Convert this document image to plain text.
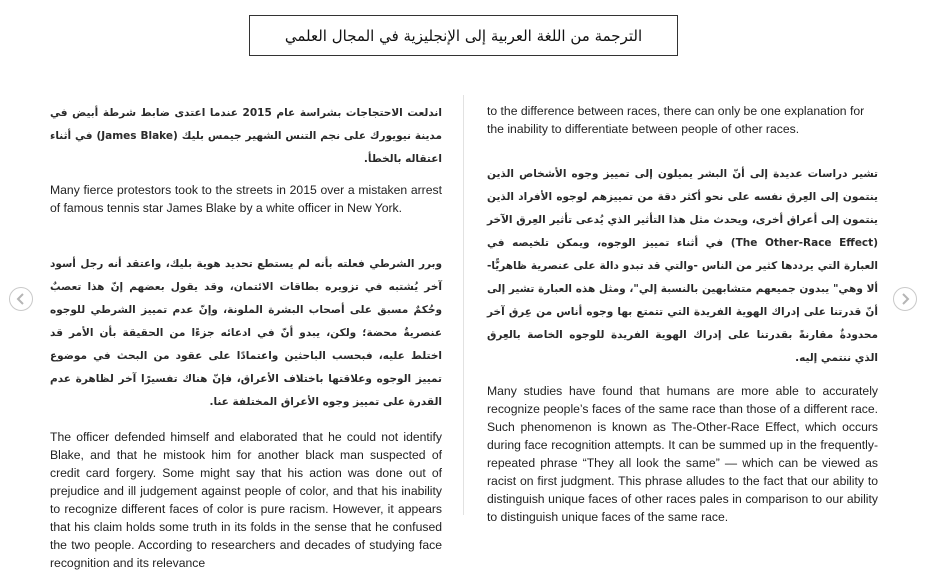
الترجمة من اللغة العربية إلى الإنجليزية في المجال العلمي

اندلعت الاحتجاجات بشراسة عام 2015 عندما اعتدى ضابط شرطة أبيض في مدينة نيويورك على نجم التنس الشهير جيمس بليك (James Blake) في أثناء اعتقاله بالخطأ.

Many fierce protestors took to the streets in 2015 over a mistaken arrest of famous tennis star James Blake by a white officer in New York.

وبرر الشرطي فعلته بأنه لم يستطع تحديد هوية بليك، واعتقد أنه رجل أسود آخر يُشتبه في تزويره بطاقات الائتمان، وقد يقول بعضهم إنّ هذا تعصبٌ وحُكمٌ مسبق على أصحاب البشرة الملونة، وإنّ عدم تمييز الشرطي للوجوه عنصريةٌ محضة؛ ولكن، يبدو أنّ في ادعائه جزءًا من الحقيقة بأن الأمر قد اختلط عليه، فبحسب الباحثين واعتمادًا على عقود من البحث في موضوع تمييز الوجوه وعلاقتها باختلاف الأعراق، فإنّ هناك تفسيرًا آخر لظاهرة عدم القدرة على تمييز وجوه الأعراق المختلفة عنا.

The officer defended himself and elaborated that he could not identify Blake, and that he mistook him for another black man suspected of credit card forgery. Some might say that his action was done out of prejudice and ill judgement against people of color, and that his inability to recognize different faces of color is pure racism. However, it appears that his claim holds some truth in its folds in the sense that he confused the two people. According to researchers and decades of studying face recognition and its relevance

to the difference between races, there can only be one explanation for the inability to differentiate between people of other races.

تشير دراسات عديدة إلى أنّ البشر يميلون إلى تمييز وجوه الأشخاص الذين ينتمون إلى العِرق نفسه على نحو أكثر دقة من تمييزهم لوجوه الأفراد الذين ينتمون إلى أعراق أخرى، ويحدث مثل هذا التأثير الذي يُدعى تأثير العِرق الآخر (The Other-Race Effect) في أثناء تمييز الوجوه، ويمكن تلخيصه في العبارة التي يرددها كثير من الناس -والتي قد تبدو دالة على عنصرية ظاهريًّا- ألا وهي" يبدون جميعهم متشابهين بالنسبة إلي"، ومثل هذه العبارة تشير إلى أنّ قدرتنا على إدراك الهوية الفريدة التي تتمتع بها وجوه أناس من عِرق آخر محدودةٌ مقارنةً بقدرتنا على إدراك الهوية الفريدة للوجوه الخاصة بالعِرق الذي ننتمي إليه.

Many studies have found that humans are more able to accurately recognize people’s faces of the same race than those of a different race. Such phenomenon is known as The-Other-Race Effect, which occurs during face recognition attempts. It can be summed up in the frequently-repeated phrase “They all look the same” — which can be viewed as racist on first judgment. This phrase alludes to the fact that our ability to distinguish unique faces of other races pales in comparison to our ability to distinguish unique faces of the same race.
